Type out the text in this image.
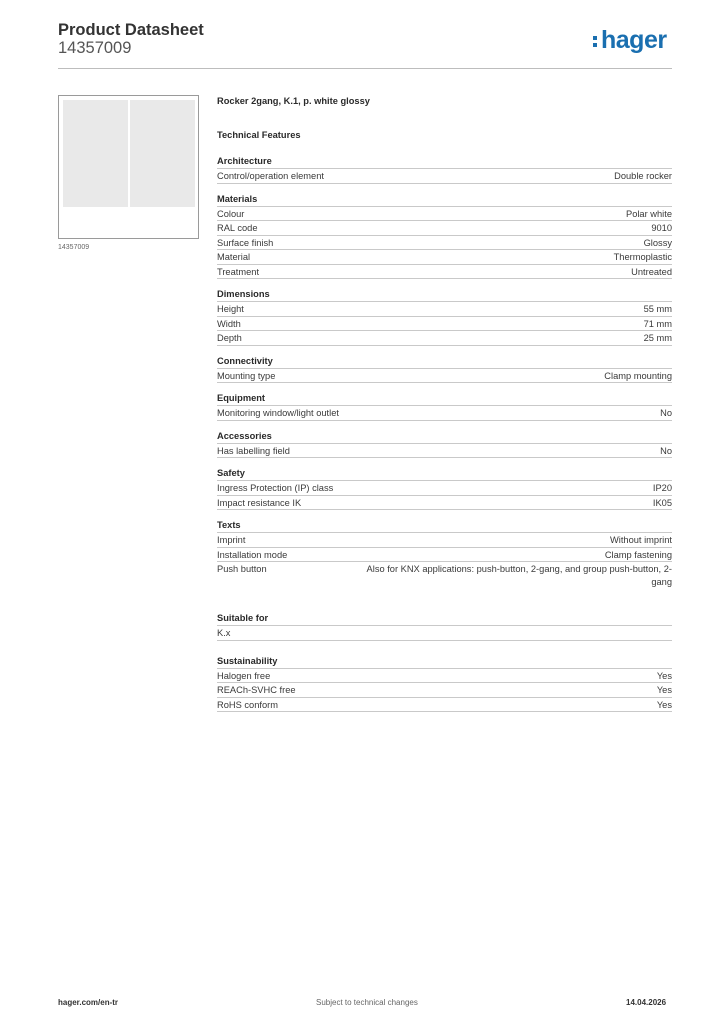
Product Datasheet
14357009	hager
14357009
Rocker 2gang, K.1, p. white glossy
Technical Features
Architecture
Control/operation element	Double rocker
Materials
Colour	Polar white
RAL code	9010
Surface finish	Glossy
Material	Thermoplastic
Treatment	Untreated
Dimensions
Height	55 mm
Width	71 mm
Depth	25 mm
Connectivity
Mounting type	Clamp mounting
Equipment
Monitoring window/light outlet	No
Accessories
Has labelling field	No
Safety
Ingress Protection (IP) class	IP20
Impact resistance IK	IK05
Texts
Imprint	Without imprint
Installation mode	Clamp fastening
Push button	Also for KNX applications: push-button, 2-gang, and group push-button, 2-gang
Suitable for
K.x
Sustainability
Halogen free	Yes
REACh-SVHC free	Yes
RoHS conform	Yes
hager.com/en-tr	Subject to technical changes	14.04.2026
